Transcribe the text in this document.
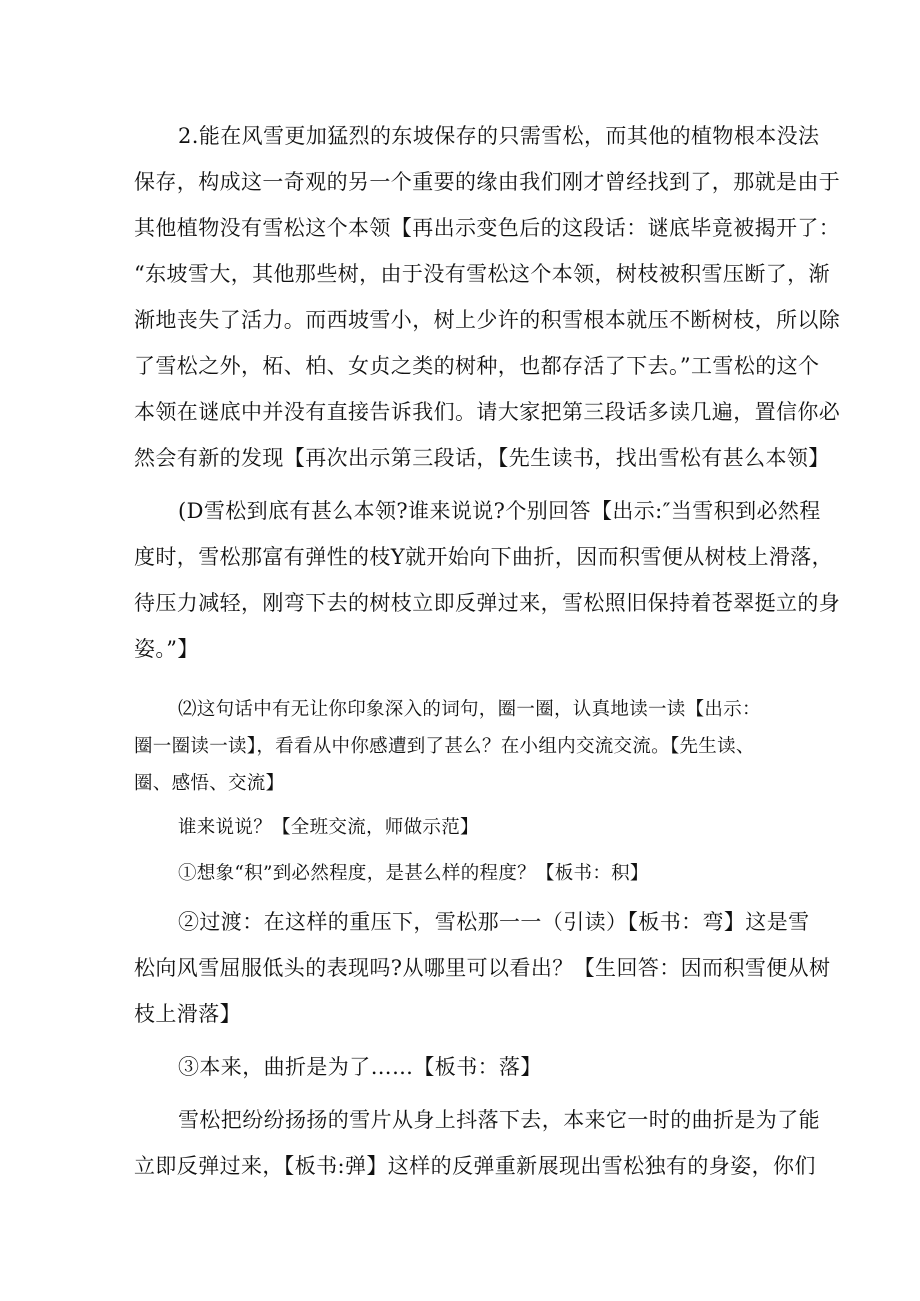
2.能在风雪更加猛烈的东坡保存的只需雪松，而其他的植物根本没法
保存，构成这一奇观的另一个重要的缘由我们刚才曾经找到了，那就是由于
其他植物没有雪松这个本领【再出示变色后的这段话：谜底毕竟被揭开了：
“东坡雪大，其他那些树，由于没有雪松这个本领，树枝被积雪压断了，渐
渐地丧失了活力。而西坡雪小，树上少许的积雪根本就压不断树枝，所以除
了雪松之外，柘、柏、女贞之类的树种，也都存活了下去。”工雪松的这个
本领在谜底中并没有直接告诉我们。请大家把第三段话多读几遍，置信你必
然会有新的发现【再次出示第三段话，【先生读书，找出雪松有甚么本领】
(D雪松到底有甚么本领?谁来说说?个别回答【出示:″当雪积到必然程
度时，雪松那富有弹性的枝Y就开始向下曲折，因而积雪便从树枝上滑落，
待压力减轻，刚弯下去的树枝立即反弹过来，雪松照旧保持着苍翠挺立的身
姿。”】
⑵这句话中有无让你印象深入的词句，圈一圈，认真地读一读【出示：
圈一圈读一读】，看看从中你感遭到了甚么？在小组内交流交流。【先生读、
圈、感悟、交流】
谁来说说？【全班交流，师做示范】
①想象“积”到必然程度，是甚么样的程度？【板书：积】
②过渡：在这样的重压下，雪松那一一（引读）【板书：弯】这是雪
松向风雪屈服低头的表现吗?从哪里可以看出？【生回答：因而积雪便从树
枝上滑落】
③本来，曲折是为了……【板书：落】
雪松把纷纷扬扬的雪片从身上抖落下去，本来它一时的曲折是为了能
立即反弹过来，【板书:弹】这样的反弹重新展现出雪松独有的身姿，你们
